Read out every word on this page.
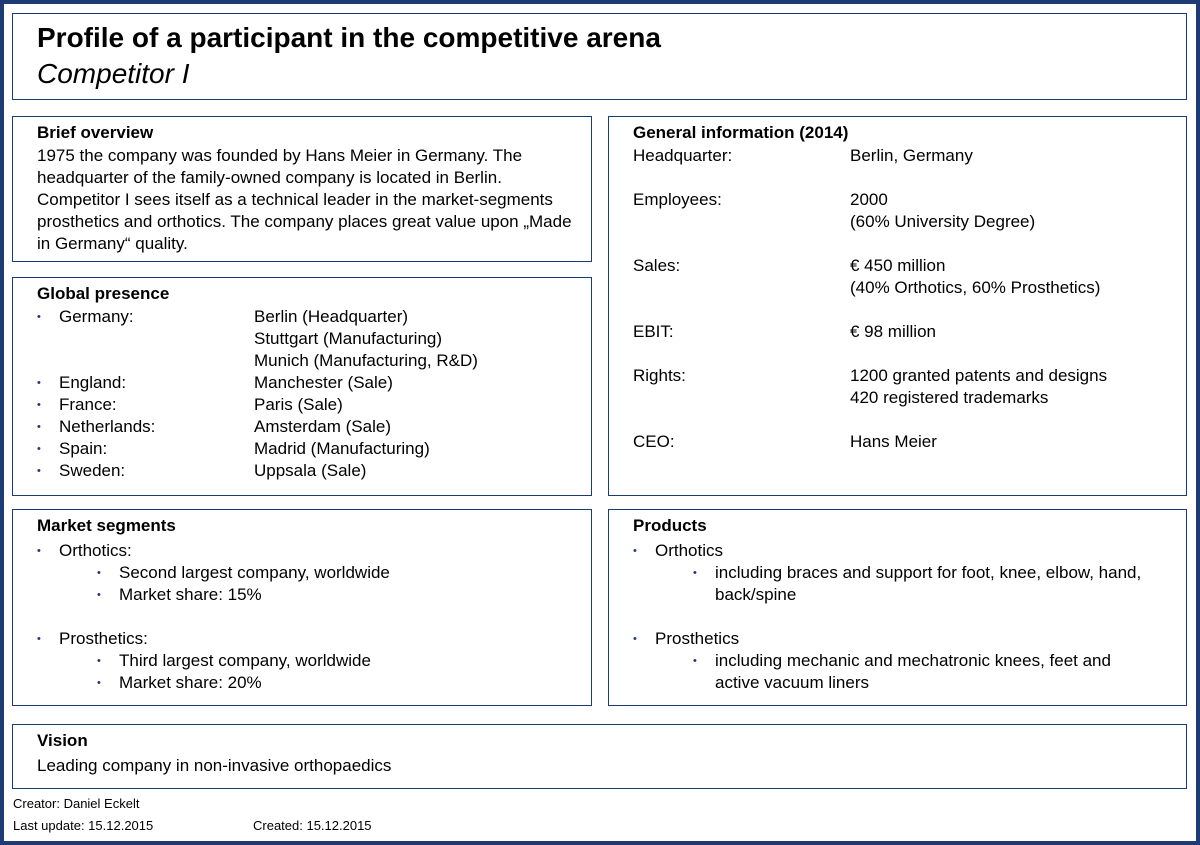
Profile of a participant in the competitive arena
Competitor I
Brief overview
1975 the company was founded by Hans Meier in Germany. The headquarter of the family-owned company is located in Berlin. Competitor I sees itself as a technical leader in the market-segments prosthetics and orthotics. The company places great value upon „Made in Germany“ quality.
Global presence
• Germany:	Berlin (Headquarter)
Stuttgart (Manufacturing)
Munich (Manufacturing, R&D)
• England:	Manchester (Sale)
• France:	Paris (Sale)
• Netherlands:	Amsterdam (Sale)
• Spain:	Madrid (Manufacturing)
• Sweden:	Uppsala (Sale)
General information (2014)
Headquarter:	Berlin, Germany
Employees:	2000
(60% University Degree)
Sales:	€ 450 million
(40% Orthotics, 60% Prosthetics)
EBIT:	€ 98 million
Rights:	1200 granted patents and designs
420 registered trademarks
CEO:	Hans Meier
Market segments
• Orthotics:
• Second largest company, worldwide
• Market share: 15%
• Prosthetics:
• Third largest company, worldwide
• Market share: 20%
Products
• Orthotics
• including braces and support for foot, knee, elbow, hand,
back/spine
• Prosthetics
• including mechanic and mechatronic knees, feet and
active vacuum liners
Vision
Leading company in non-invasive orthopaedics
Creator: Daniel Eckelt
Last update: 15.12.2015	Created: 15.12.2015
